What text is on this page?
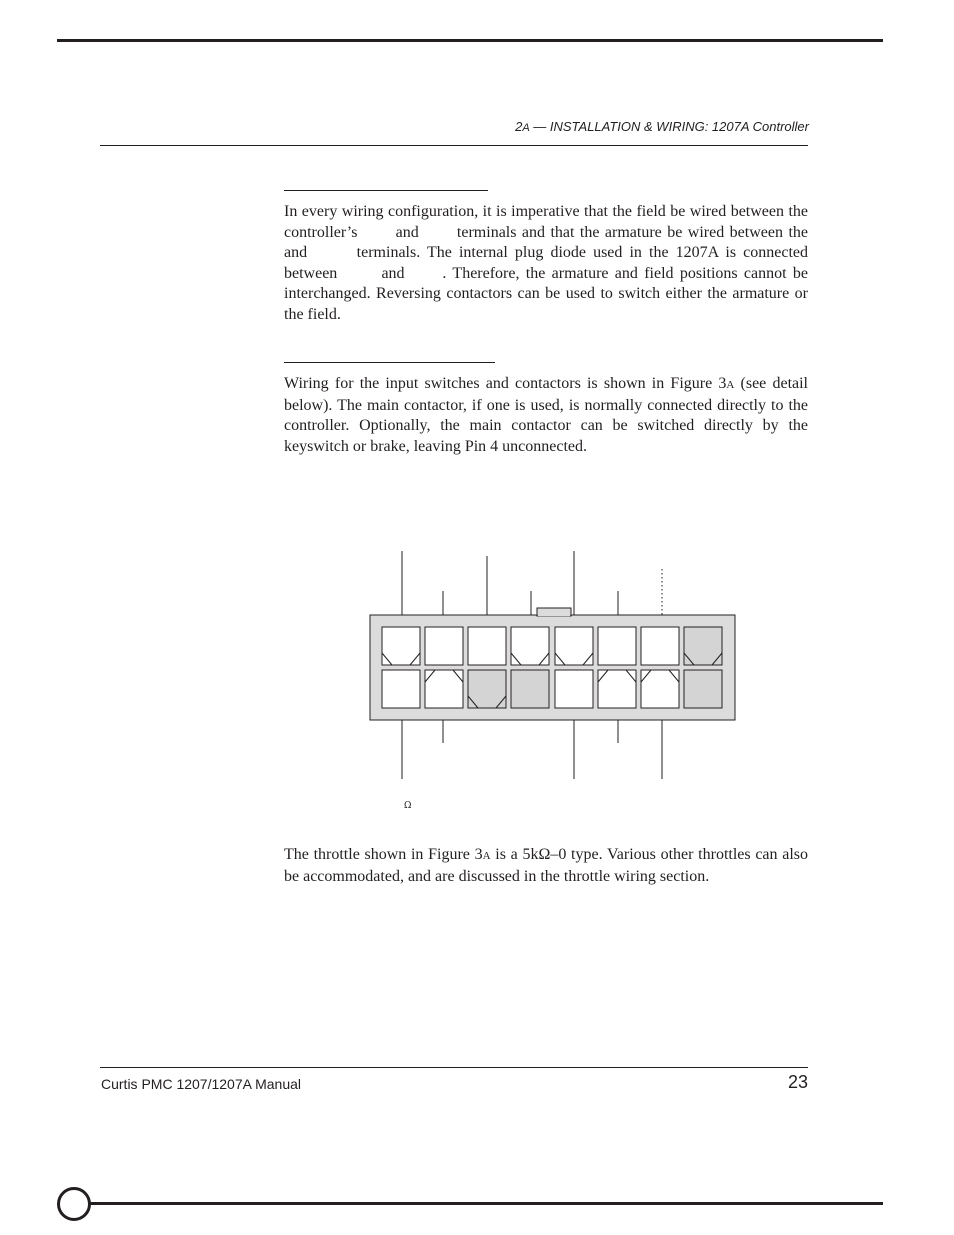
2A — INSTALLATION & WIRING: 1207A Controller

In every wiring configuration, it is imperative that the field be wired between the
controller’s       and       terminals and that the armature be wired between the
and       terminals. The internal plug diode used in the 1207A is connected
between       and      . Therefore, the armature and field positions cannot be
interchanged. Reversing contactors can be used to switch either the armature or
the field.

Wiring for the input switches and contactors is shown in Figure 3A (see detail
below). The main contactor, if one is used, is normally connected directly to the
controller. Optionally, the main contactor can be switched directly by the
keyswitch or brake, leaving Pin 4 unconnected.

Ω

The throttle shown in Figure 3A is a 5kΩ–0 type. Various other throttles can also
be accommodated, and are discussed in the throttle wiring section.

Curtis PMC 1207/1207A Manual	23
